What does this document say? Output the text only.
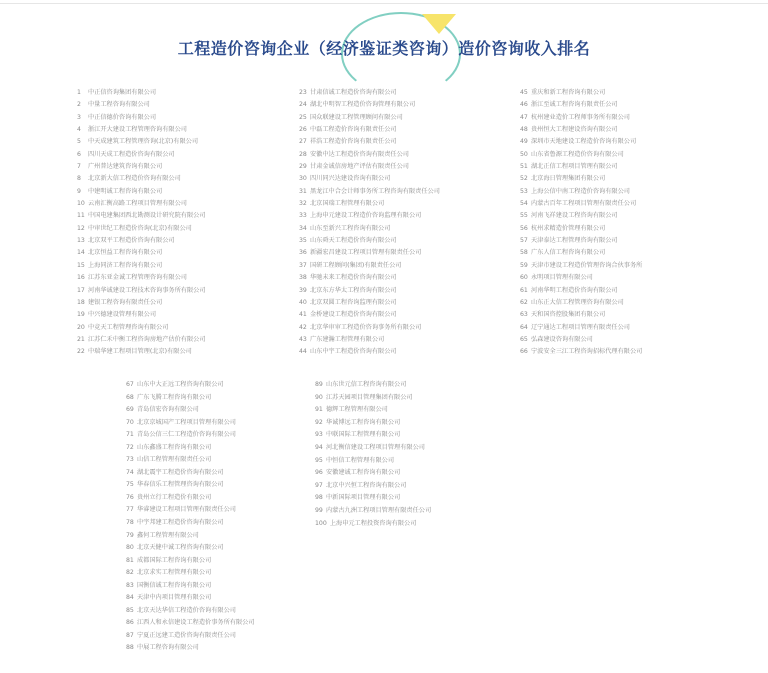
工程造价咨询企业（经济鉴证类咨询）造价咨询收入排名
1 中正信咨询集团有限公司
2 中量工程咨询有限公司
3 中正信德价咨询有限公司
4 浙江开大建设工程管理咨询有限公司
5 中天成建筑工程管理咨询(北京)有限公司
6 四川天成工程造价咨询有限公司
7 广州普达建筑咨询有限公司
8 北京新大信工程造价咨询有限公司
9 中建明诚工程咨询有限公司
10 云南汇衡高路工程项目管理有限公司
11 中国电建集团西北勘测设计研究院有限公司
12 中审世纪工程造价咨询(北京)有限公司
13 北京双平工程造价咨询有限公司
14 北京恒益工程咨询有限公司
15 上海同济工程咨询有限公司
16 江苏东亚金诚工程管理咨询有限公司
17 河南华诚建设工程技术咨询事务所有限公司
18 建银工程咨询有限责任公司
19 中兴德建设管理有限公司
20 中竞天工程管理咨询有限公司
21 江苏仁禾中衡工程咨询房地产估价有限公司
22 中瑞华建工程项目管理(北京)有限公司
23 甘肃信诚工程造价咨询有限公司
24 湖北中明智工程造价咨询管理有限公司
25 国众联建设工程管理顾问有限公司
26 中磊工程造价咨询有限责任公司
27 祥浩工程造价咨询有限责任公司
28 安徽中达工程造价咨询有限责任公司
29 甘肃金诚信房地产评估有限责任公司
30 四川同兴达建设咨询有限公司
31 黑龙江中合会计师事务所工程咨询有限责任公司
32 北京国瑞工程管理有限公司
33 上海申元建设工程造价咨询监理有限公司
34 山东至新兴工程咨询有限公司
35 山东舜天工程造价咨询有限公司
36 新疆宏昌建设工程项目管理有限责任公司
37 国研工程顾问(集团)有限责任公司
38 华驰未来工程造价咨询有限公司
39 北京东方华太工程咨询有限公司
40 北京双圆工程咨询监理有限公司
41 金桥建设工程造价咨询有限公司
42 北京华审审工程造价咨询事务所有限公司
43 广东建瀚工程管理有限公司
44 山东中宇工程造价咨询有限公司
45 重庆和新工程咨询有限公司
46 浙江至诚工程咨询有限责任公司
47 杭州建业造价工程师事务所有限公司
48 贵州恒大工程建设咨询有限公司
49 深圳市天地建设工程造价咨询有限公司
50 山东省鲁源工程造价咨询有限公司
51 湖北正信工程项目管理有限公司
52 北京海日管理集团有限公司
53 上海公信中南工程造价咨询有限公司
54 内蒙古百年工程项目管理有限责任公司
55 河南飞祥建设工程咨询有限公司
56 杭州求精造价管理有限公司
57 天津泰达工程管理咨询有限公司
58 广东人信工程咨询有限公司
59 天津市建设工程造价管理咨询合伙事务所
60 永明项目管理有限公司
61 河南华明工程造价咨询有限公司
62 山东正大信工程管理咨询有限公司
63 天和国咨控股集团有限公司
64 辽宁通达工程项目管理有限责任公司
65 弘森建设咨询有限公司
66 宁波安全三江工程咨询招标代理有限公司
67 山东中大正远工程咨询有限公司
68 广东飞腾工程咨询有限公司
69 青岛信宏咨询有限公司
70 北京京城国产工程项目管理有限公司
71 青岛公信三仁工程造价咨询有限公司
72 山东鑫盛工程咨询有限公司
73 山信工程管理有限责任公司
74 湖北震宇工程造价咨询有限公司
75 华春信乐工程管理咨询有限公司
76 贵州立行工程造价有限公司
77 华睿建设工程项目管理有限责任公司
78 中宇邦建工程造价咨询有限公司
79 鑫何工程管理有限公司
80 北京天健中诚工程咨询有限公司
81 成都国际工程咨询有限公司
82 北京求实工程管理有限公司
83 国衡信诚工程咨询有限公司
84 天津中内项目管理有限公司
85 北京天达华信工程造价咨询有限公司
86 江西人和永信建设工程造价事务所有限公司
87 宁夏正远建工造价咨询有限责任公司
88 中展工程咨询有限公司
89 山东世元信工程咨询有限公司
90 江苏天园项目管理集团有限公司
91 德辉工程管理有限公司
92 华诚博远工程咨询有限公司
93 中联国际工程管理有限公司
94 河北衡信建设工程项目管理有限公司
95 中恒信工程管理有限公司
96 安徽建诚工程咨询有限公司
97 北京中兴恒工程咨询有限公司
98 中新国际项目管理有限公司
99 内蒙古九洲工程项目管理有限责任公司
100 上海申元工程投资咨询有限公司
